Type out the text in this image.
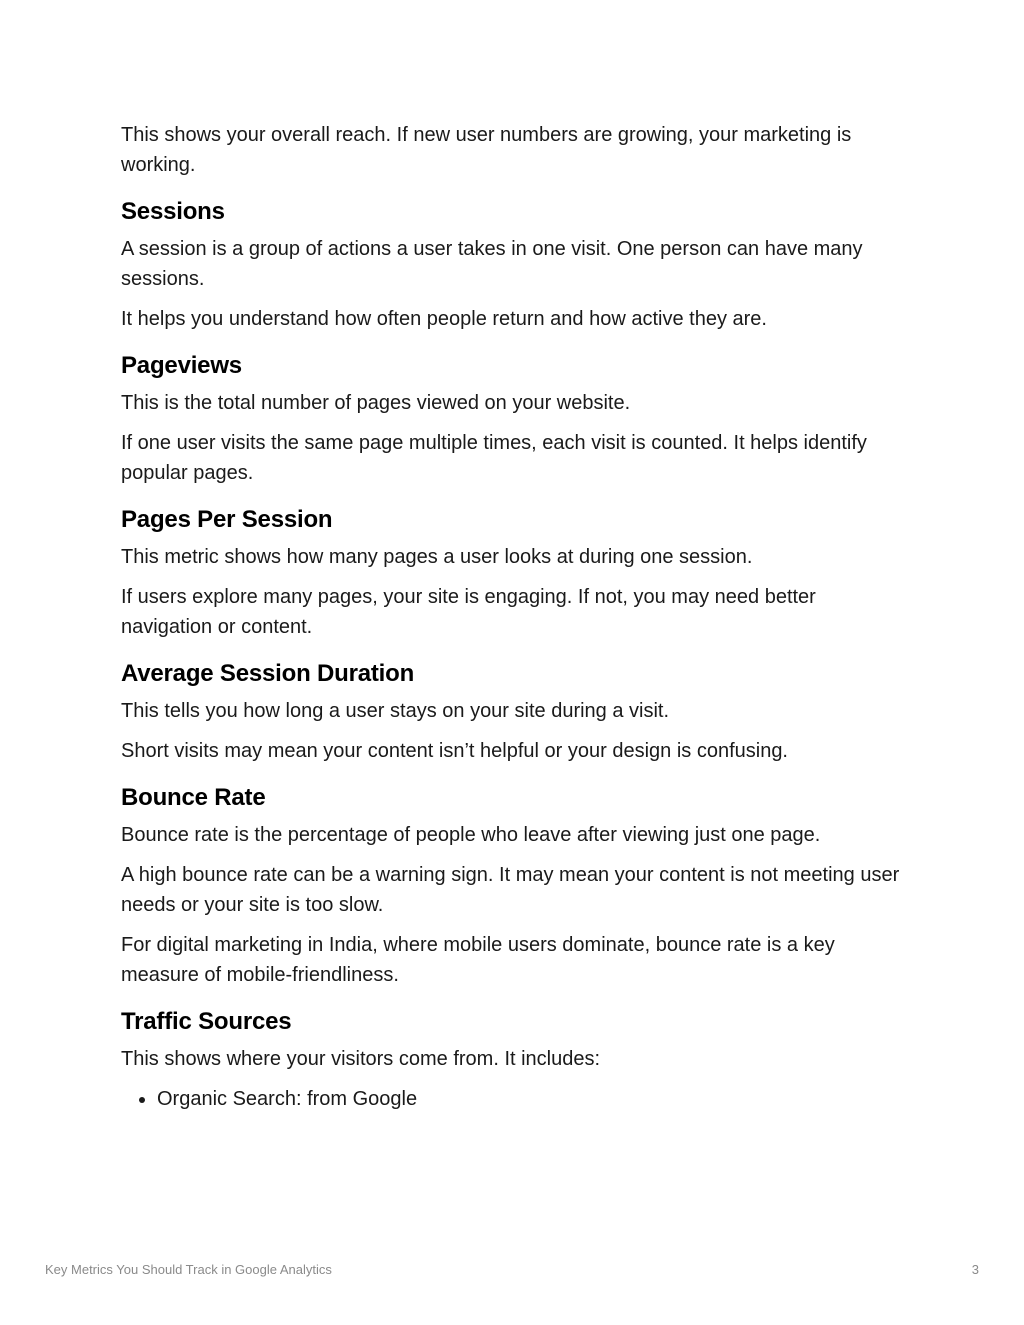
This shows your overall reach. If new user numbers are growing, your marketing is working.

Sessions

A session is a group of actions a user takes in one visit. One person can have many sessions.

It helps you understand how often people return and how active they are.

Pageviews

This is the total number of pages viewed on your website.

If one user visits the same page multiple times, each visit is counted. It helps identify popular pages.

Pages Per Session

This metric shows how many pages a user looks at during one session.

If users explore many pages, your site is engaging. If not, you may need better navigation or content.

Average Session Duration

This tells you how long a user stays on your site during a visit.

Short visits may mean your content isn’t helpful or your design is confusing.

Bounce Rate

Bounce rate is the percentage of people who leave after viewing just one page.

A high bounce rate can be a warning sign. It may mean your content is not meeting user needs or your site is too slow.

For digital marketing in India, where mobile users dominate, bounce rate is a key measure of mobile-friendliness.

Traffic Sources

This shows where your visitors come from. It includes:

• Organic Search: from Google
Key Metrics You Should Track in Google Analytics	3
